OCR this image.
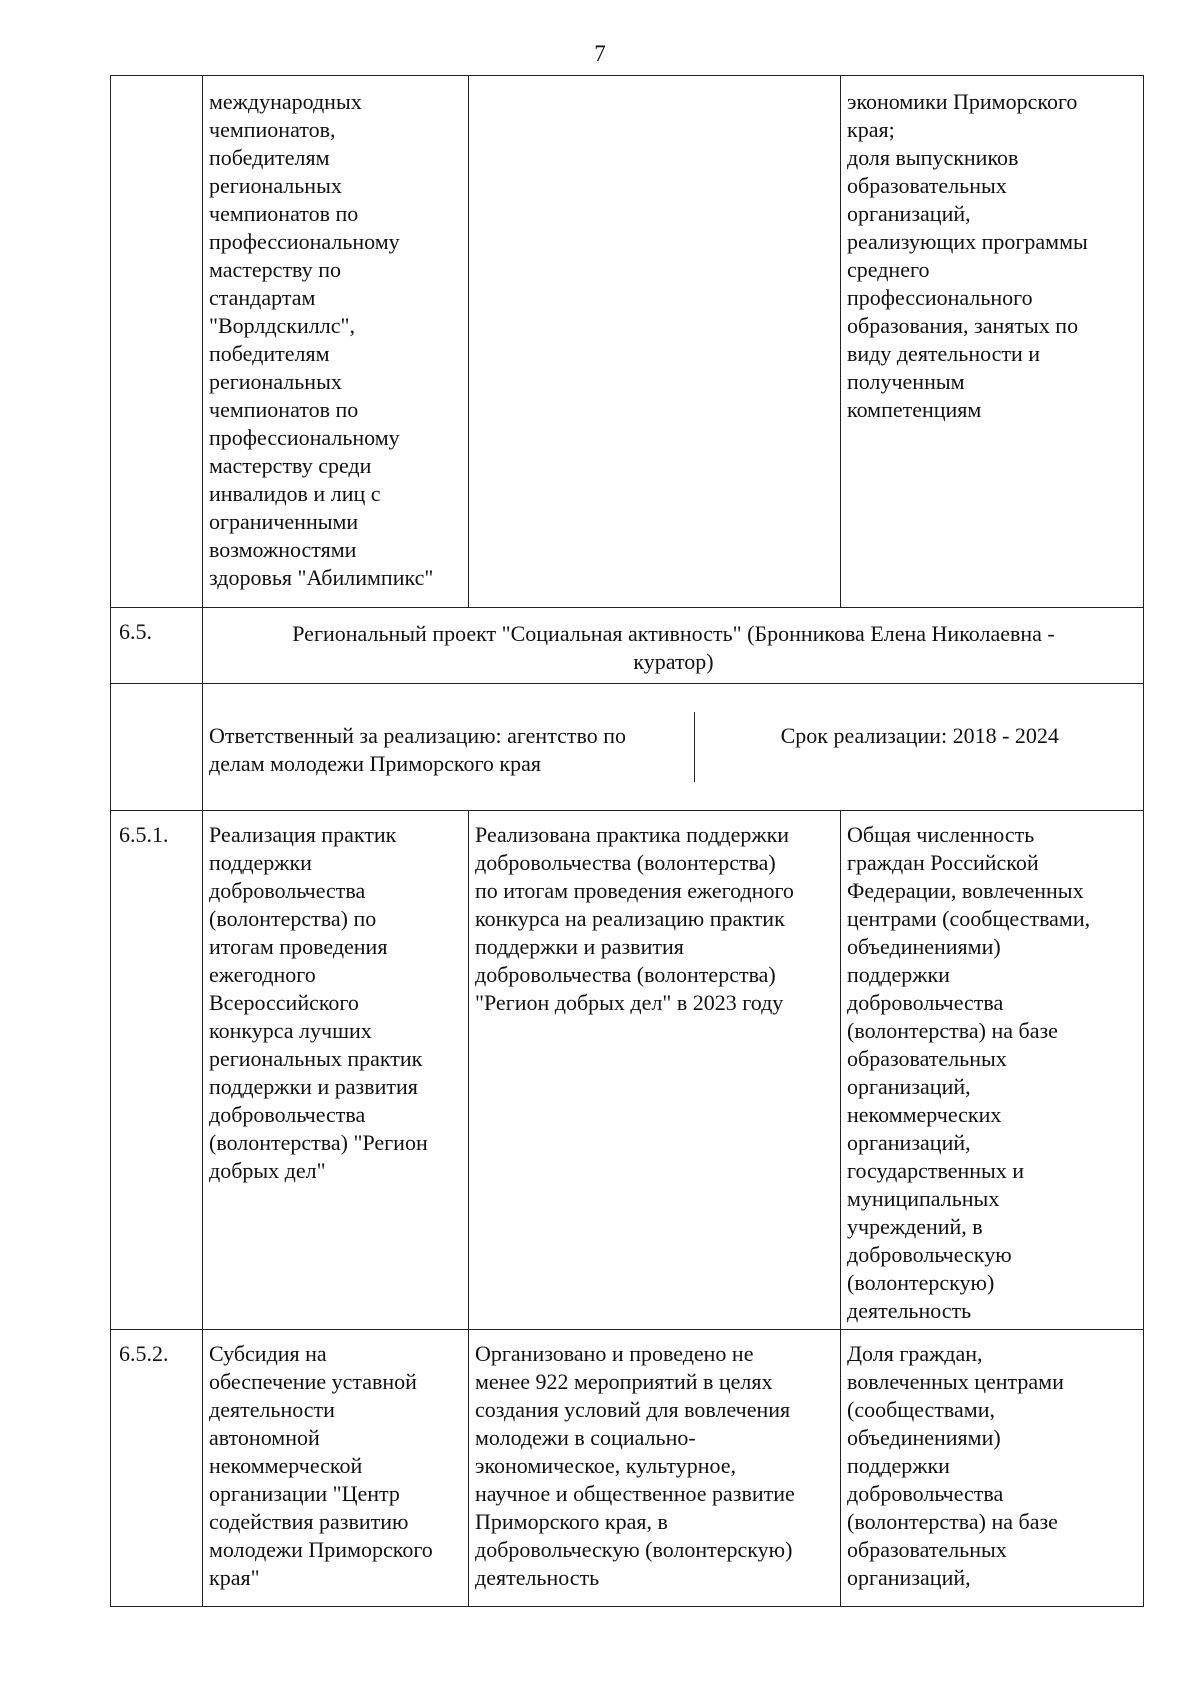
7
	международных
чемпионатов,
победителям
региональных
чемпионатов по
профессиональному
мастерству по
стандартам
"Ворлдскиллс",
победителям
региональных
чемпионатов по
профессиональному
мастерству среди
инвалидов и лиц с
ограниченными
возможностями
здоровья "Абилимпикс"		экономики Приморского
края;
доля выпускников
образовательных
организаций,
реализующих программы
среднего
профессионального
образования, занятых по
виду деятельности и
полученным
компетенциям
6.5.	Региональный проект "Социальная активность" (Бронникова Елена Николаевна -
куратор)

Ответственный за реализацию: агентство по
делам молодежи Приморского края	Срок реализации: 2018 - 2024

6.5.1.	Реализация практик
поддержки
добровольчества
(волонтерства) по
итогам проведения
ежегодного
Всероссийского
конкурса лучших
региональных практик
поддержки и развития
добровольчества
(волонтерства) "Регион
добрых дел"	Реализована практика поддержки
добровольчества (волонтерства)
по итогам проведения ежегодного
конкурса на реализацию практик
поддержки и развития
добровольчества (волонтерства)
"Регион добрых дел" в 2023 году	Общая численность
граждан Российской
Федерации, вовлеченных
центрами (сообществами,
объединениями)
поддержки
добровольчества
(волонтерства) на базе
образовательных
организаций,
некоммерческих
организаций,
государственных и
муниципальных
учреждений, в
добровольческую
(волонтерскую)
деятельность
6.5.2.	Субсидия на
обеспечение уставной
деятельности
автономной
некоммерческой
организации "Центр
содействия развитию
молодежи Приморского
края"	Организовано и проведено не
менее 922 мероприятий в целях
создания условий для вовлечения
молодежи в социально-
экономическое, культурное,
научное и общественное развитие
Приморского края, в
добровольческую (волонтерскую)
деятельность	Доля граждан,
вовлеченных центрами
(сообществами,
объединениями)
поддержки
добровольчества
(волонтерства) на базе
образовательных
организаций,
